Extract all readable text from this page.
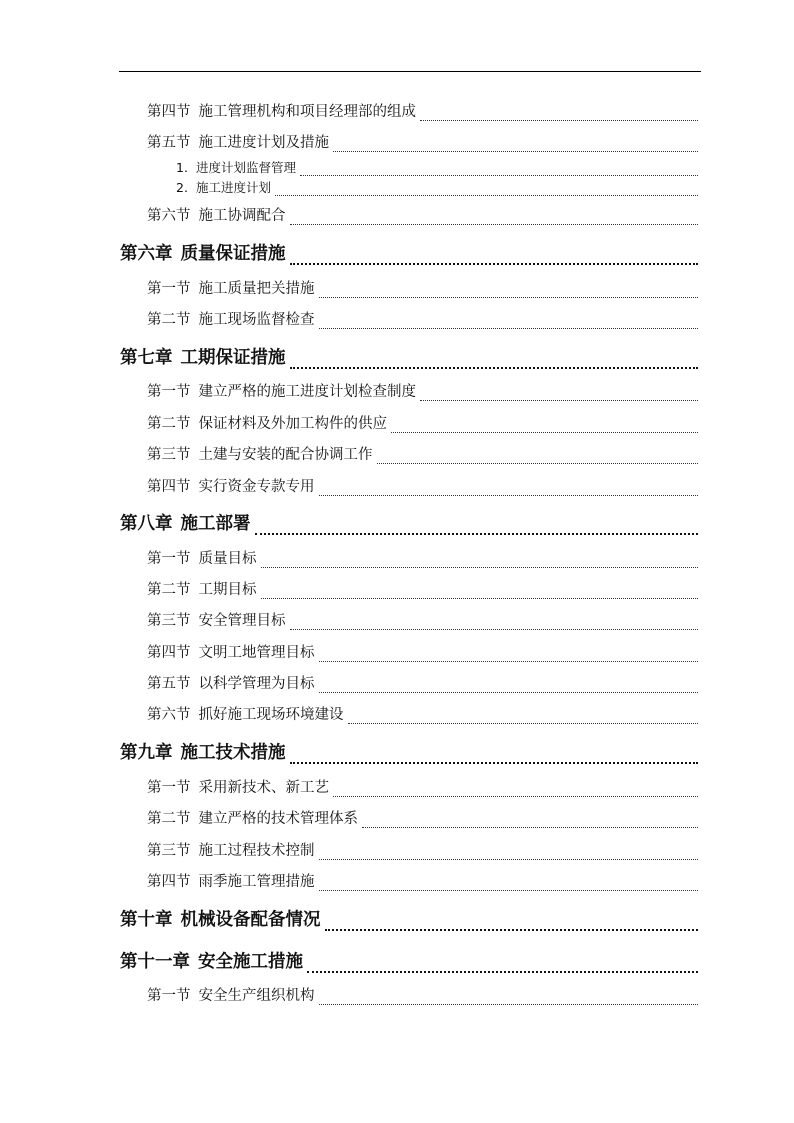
第四节 施工管理机构和项目经理部的组成
第五节 施工进度计划及措施
1. 进度计划监督管理
2. 施工进度计划
第六节 施工协调配合
第六章 质量保证措施
第一节 施工质量把关措施
第二节 施工现场监督检查
第七章 工期保证措施
第一节 建立严格的施工进度计划检查制度
第二节 保证材料及外加工构件的供应
第三节 土建与安装的配合协调工作
第四节 实行资金专款专用
第八章 施工部署
第一节 质量目标
第二节 工期目标
第三节 安全管理目标
第四节 文明工地管理目标
第五节 以科学管理为目标
第六节 抓好施工现场环境建设
第九章 施工技术措施
第一节 采用新技术、新工艺
第二节 建立严格的技术管理体系
第三节 施工过程技术控制
第四节 雨季施工管理措施
第十章 机械设备配备情况
第十一章 安全施工措施
第一节 安全生产组织机构
